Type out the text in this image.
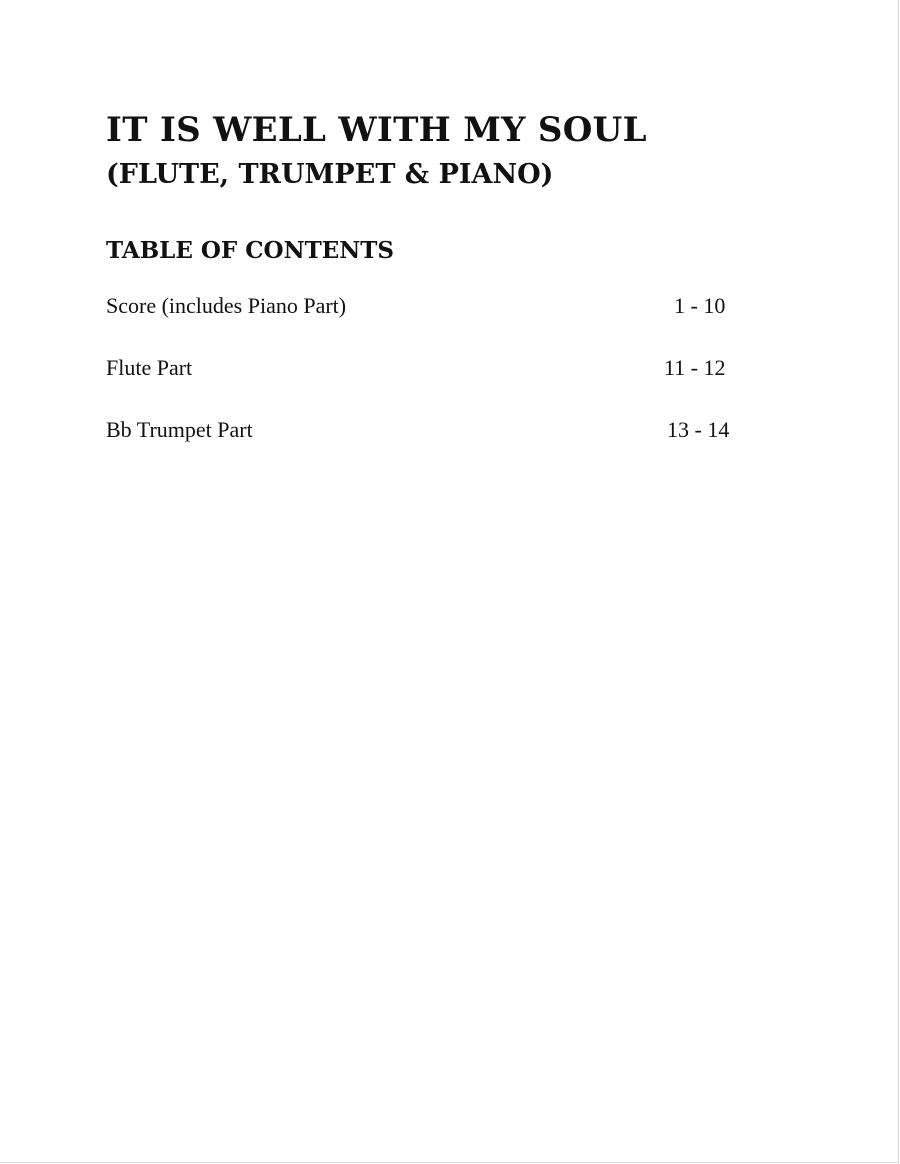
IT IS WELL WITH MY SOUL
(FLUTE, TRUMPET & PIANO)
TABLE OF CONTENTS
Score (includes Piano Part)	1 - 10
Flute Part	11 - 12
Bb Trumpet Part	13 - 14
